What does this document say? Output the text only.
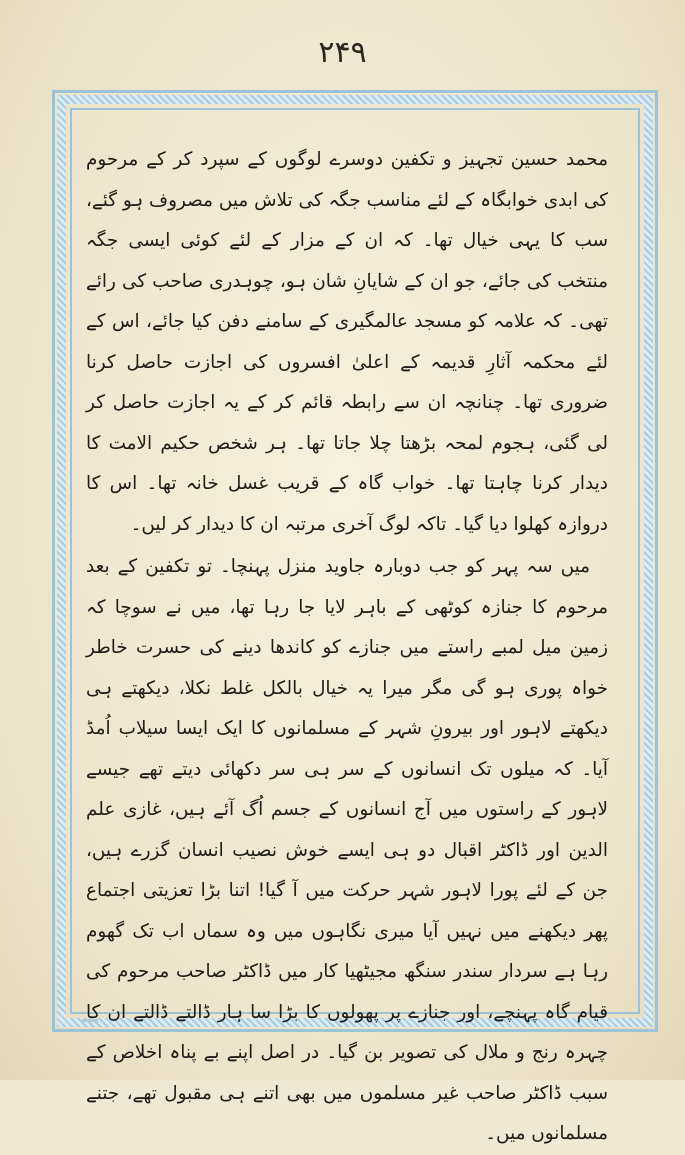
۲۴۹

محمد حسین تجہیز و تکفین دوسرے لوگوں کے سپرد کر کے مرحوم کی ابدی خوابگاہ کے لئے مناسب جگہ کی تلاش میں مصروف ہو گئے، سب کا یہی خیال تھا۔ کہ ان کے مزار کے لئے کوئی ایسی جگہ منتخب کی جائے، جو ان کے شایانِ شان ہو، چوہدری صاحب کی رائے تھی۔ کہ علامہ کو مسجد عالمگیری کے سامنے دفن کیا جائے، اس کے لئے محکمہ آثارِ قدیمہ کے اعلیٰ افسروں کی اجازت حاصل کرنا ضروری تھا۔ چنانچہ ان سے رابطہ قائم کر کے یہ اجازت حاصل کر لی گئی، ہجوم لمحہ بڑھتا چلا جاتا تھا۔ ہر شخص حکیم الامت کا دیدار کرنا چاہتا تھا۔ خواب گاہ کے قریب غسل خانہ تھا۔ اس کا دروازہ کھلوا دیا گیا۔ تاکہ لوگ آخری مرتبہ ان کا دیدار کر لیں۔

میں سہ پہر کو جب دوبارہ جاوید منزل پہنچا۔ تو تکفین کے بعد مرحوم کا جنازہ کوٹھی کے باہر لایا جا رہا تھا، میں نے سوچا کہ زمین میل لمبے راستے میں جنازے کو کاندھا دینے کی حسرت خاطر خواہ پوری ہو گی مگر میرا یہ خیال بالکل غلط نکلا، دیکھتے ہی دیکھتے لاہور اور بیرونِ شہر کے مسلمانوں کا ایک ایسا سیلاب اُمڈ آیا۔ کہ میلوں تک انسانوں کے سر ہی سر دکھائی دیتے تھے جیسے لاہور کے راستوں میں آج انسانوں کے جسم اُگ آئے ہیں، غازی علم الدین اور ڈاکٹر اقبال دو ہی ایسے خوش نصیب انسان گزرے ہیں، جن کے لئے پورا لاہور شہر حرکت میں آ گیا! اتنا بڑا تعزیتی اجتماع پھر دیکھنے میں نہیں آیا میری نگاہوں میں وہ سماں اب تک گھوم رہا ہے سردار سندر سنگھ مجیٹھیا کار میں ڈاکٹر صاحب مرحوم کی قیام گاہ پہنچے، اور جنازے پر پھولوں کا بڑا سا ہار ڈالتے ڈالتے ان کا چہرہ رنج و ملال کی تصویر بن گیا۔ در اصل اپنے بے پناہ اخلاص کے سبب ڈاکٹر صاحب غیر مسلموں میں بھی اتنے ہی مقبول تھے، جتنے مسلمانوں میں۔
